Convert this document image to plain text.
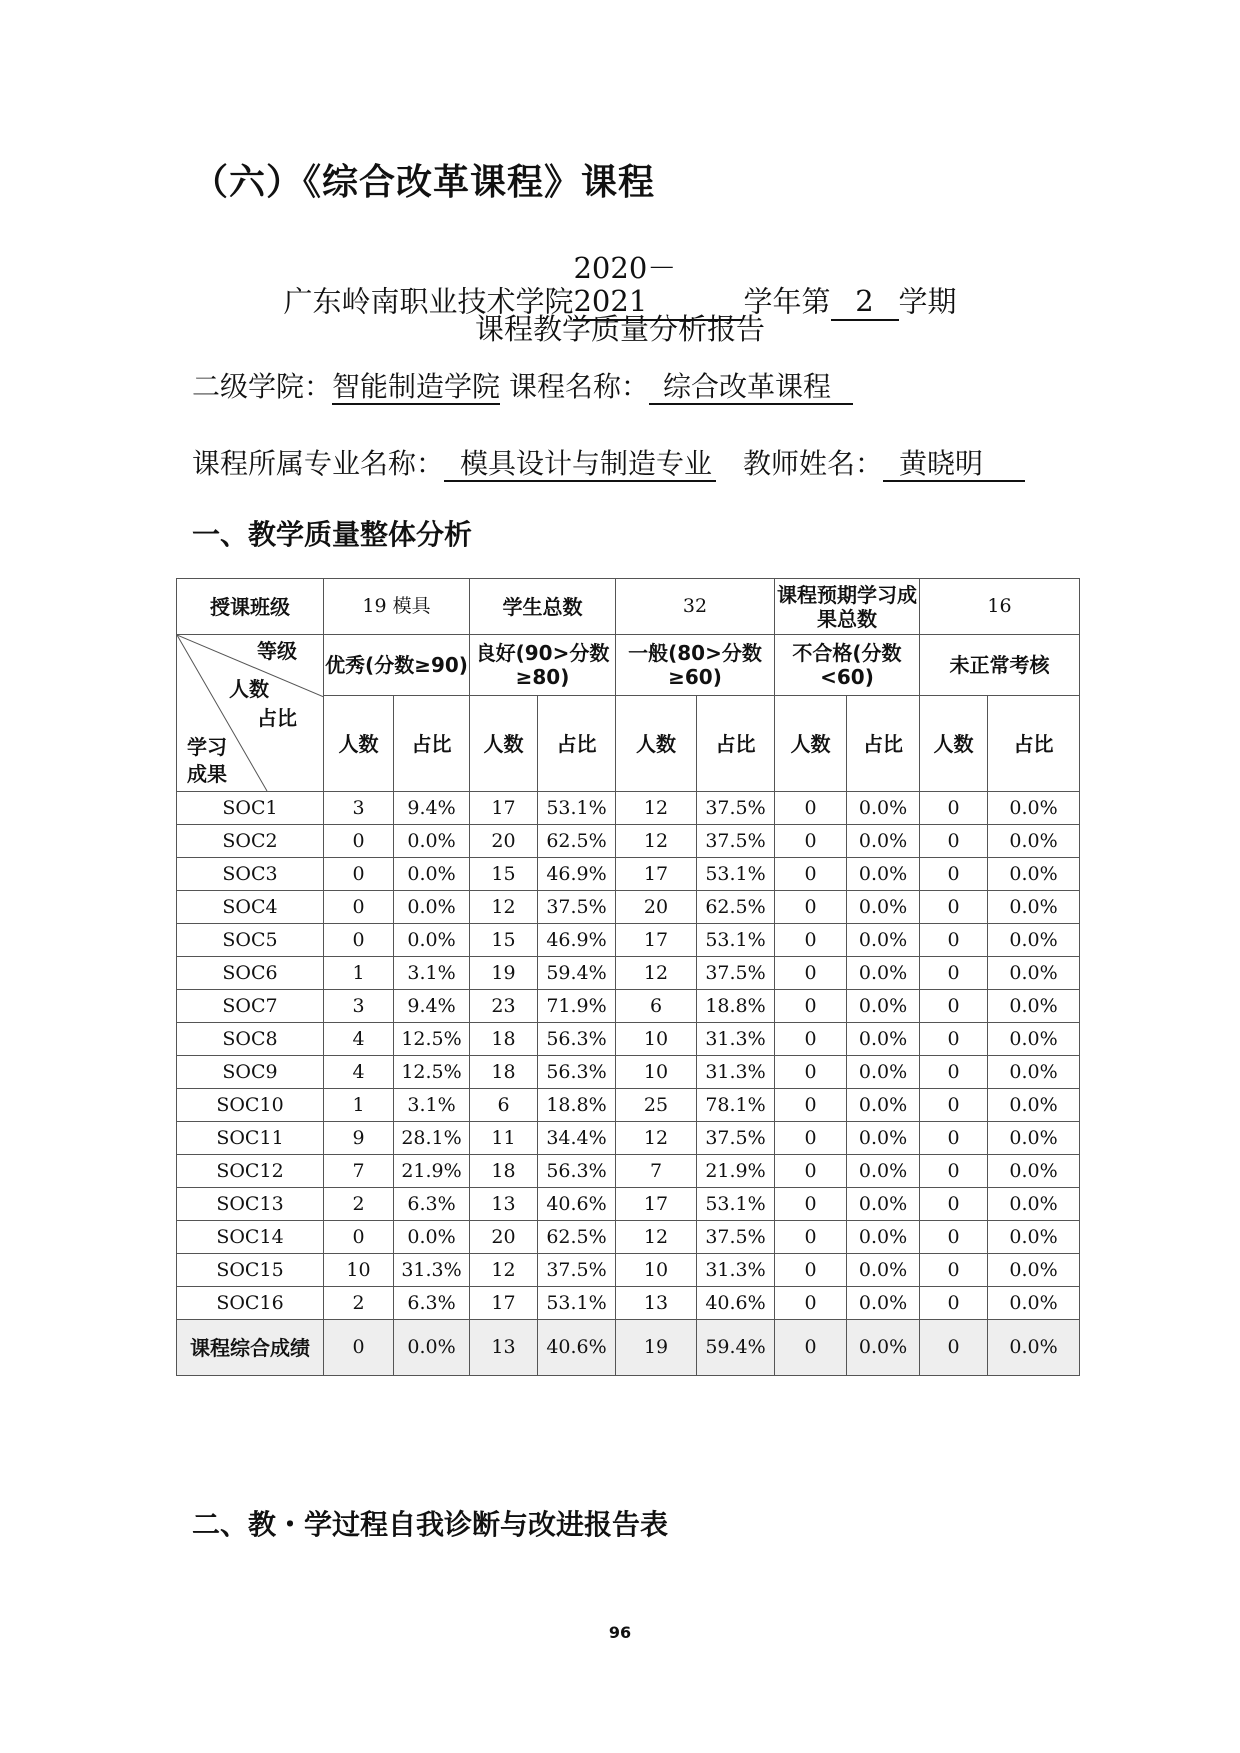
（六）《综合改革课程》课程
广东岭南职业技术学院2020－2021	学年第 2 学期
课程教学质量分析报告
二级学院：智能制造学院 课程名称： 综合改革课程
课程所属专业名称： 模具设计与制造专业 教师姓名： 黄晓明
一、教学质量整体分析
授课班级	19 模具		学生总数		32		课程预期学习成果总数		16	

等级
人数
占比
学习
成果	优秀(分数≥90)		良好(90>分数≥80)		一般(80>分数≥60)		不合格(分数<60)		未正常考核	
	人数	占比	人数	占比	人数	占比	人数	占比	人数	占比
SOC1	3	9.4%	17	53.1%	12	37.5%	0	0.0%	0	0.0%
SOC2	0	0.0%	20	62.5%	12	37.5%	0	0.0%	0	0.0%
SOC3	0	0.0%	15	46.9%	17	53.1%	0	0.0%	0	0.0%
SOC4	0	0.0%	12	37.5%	20	62.5%	0	0.0%	0	0.0%
SOC5	0	0.0%	15	46.9%	17	53.1%	0	0.0%	0	0.0%
SOC6	1	3.1%	19	59.4%	12	37.5%	0	0.0%	0	0.0%
SOC7	3	9.4%	23	71.9%	6	18.8%	0	0.0%	0	0.0%
SOC8	4	12.5%	18	56.3%	10	31.3%	0	0.0%	0	0.0%
SOC9	4	12.5%	18	56.3%	10	31.3%	0	0.0%	0	0.0%
SOC10	1	3.1%	6	18.8%	25	78.1%	0	0.0%	0	0.0%
SOC11	9	28.1%	11	34.4%	12	37.5%	0	0.0%	0	0.0%
SOC12	7	21.9%	18	56.3%	7	21.9%	0	0.0%	0	0.0%
SOC13	2	6.3%	13	40.6%	17	53.1%	0	0.0%	0	0.0%
SOC14	0	0.0%	20	62.5%	12	37.5%	0	0.0%	0	0.0%
SOC15	10	31.3%	12	37.5%	10	31.3%	0	0.0%	0	0.0%
SOC16	2	6.3%	17	53.1%	13	40.6%	0	0.0%	0	0.0%
课程综合成绩	0	0.0%	13	40.6%	19	59.4%	0	0.0%	0	0.0%
二、教・学过程自我诊断与改进报告表
96
